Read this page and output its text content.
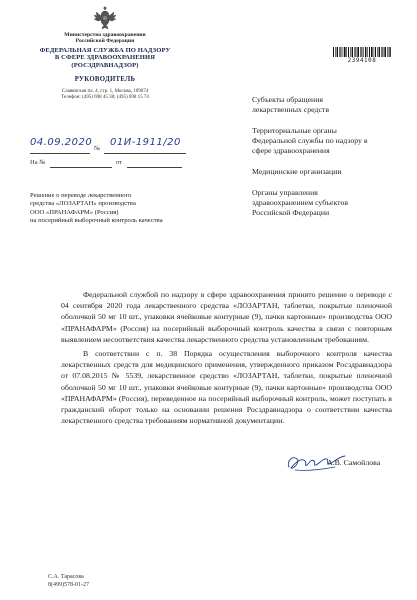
Министерство здравоохранения
Российской Федерации
ФЕДЕРАЛЬНАЯ СЛУЖБА ПО НАДЗОРУ
В СФЕРЕ ЗДРАВООХРАНЕНИЯ
(РОСЗДРАВНАДЗОР)
РУКОВОДИТЕЛЬ
Славянская пл. 4, стр. 1, Москва, 109074
Телефон: (495) 698 45 38; (495) 698 15 74
№
04.09.2020 01И-1911/20
На №	от
Решение о переводе лекарственного
средства «ЛОЗАРТАН» производства
ООО «ПРАНАФАРМ» (Россия)
на посерийный выборочный контроль качества
2394108
Субъекты обращения
лекарственных средств
Территориальные органы
Федеральной службы по надзору в
сфере здравоохранения
Медицинские организации
Органы управления
здравоохранением субъектов
Российской Федерации

Федеральной службой по надзору в сфере здравоохранения принято решение о переводе с 04 сентября 2020 года лекарственного средства «ЛОЗАРТАН, таблетки, покрытые пленочной оболочкой 50 мг 10 шт., упаковки ячейковые контурные (9), пачки картонные» производства ООО «ПРАНАФАРМ» (Россия) на посерийный выборочный контроль качества в связи с повторным выявлением несоответствия качества лекарственного средства установленным требованиям.

В соответствии с п. 38 Порядка осуществления выборочного контроля качества лекарственных средств для медицинского применения, утвержденного приказом Росздравнадзора от 07.08.2015 № 5539, лекарственное средство «ЛОЗАРТАН, таблетки, покрытые пленочной оболочкой 50 мг 10 шт., упаковки ячейковые контурные (9), пачки картонные» производства ООО «ПРАНАФАРМ» (Россия), переведенное на посерийный выборочный контроль, может поступать в гражданский оборот только на основании решения Росздравнадзора о соответствии качества лекарственного средства требованиям нормативной документации.

А.В. Самойлова
С.А. Тарасова
8(499)578-01-27
